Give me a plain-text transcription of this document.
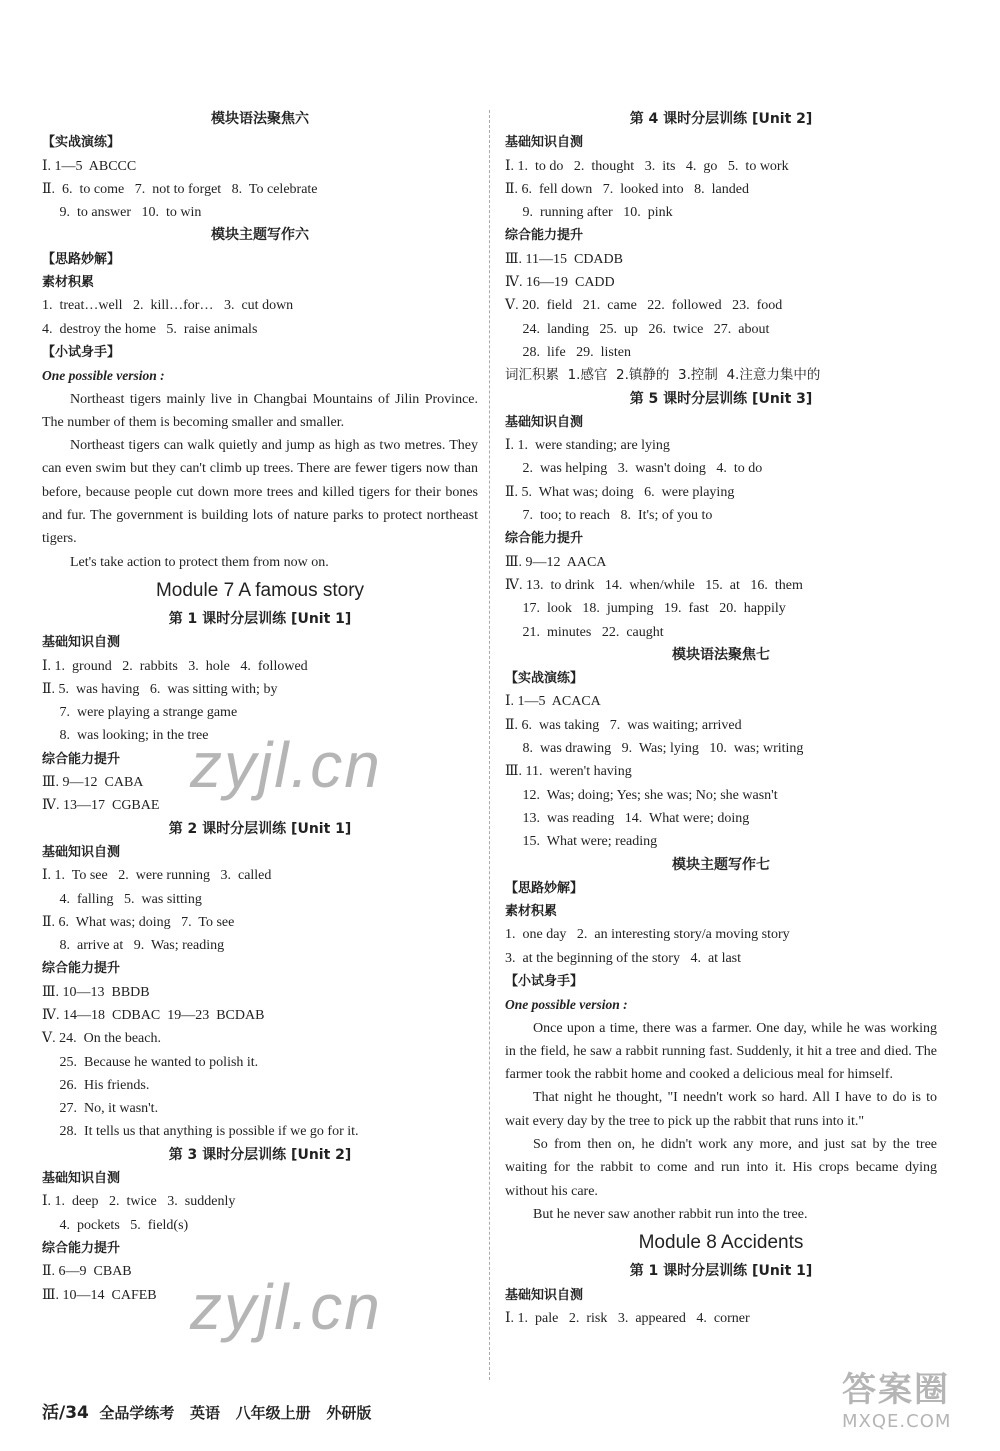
模块语法聚焦六
【实战演练】
Ⅰ. 1—5  ABCCC
Ⅱ.  6.  to come   7.  not to forget   8.  To celebrate
9.  to answer   10.  to win
模块主题写作六
【思路妙解】
素材积累
1.  treat…well   2.  kill…for…   3.  cut down
4.  destroy the home   5.  raise animals
【小试身手】
One possible version :
Northeast tigers mainly live in Changbai Mountains of Jilin Province. The number of them is becoming smaller and smaller.
Northeast tigers can walk quietly and jump as high as two metres. They can even swim but they can't climb up trees. There are fewer tigers now than before, because people cut down more trees and killed tigers for their bones and fur. The government is building lots of nature parks to protect northeast tigers.
Let's take action to protect them from now on.
Module 7 A famous story
第 1 课时分层训练 [Unit 1]
基础知识自测
Ⅰ. 1.  ground   2.  rabbits   3.  hole   4.  followed
Ⅱ. 5.  was having   6.  was sitting with; by
7.  were playing a strange game
8.  was looking; in the tree
综合能力提升
Ⅲ. 9—12  CABA
Ⅳ. 13—17  CGBAE
第 2 课时分层训练 [Unit 1]
基础知识自测
Ⅰ. 1.  To see   2.  were running   3.  called
4.  falling   5.  was sitting
Ⅱ. 6.  What was; doing   7.  To see
8.  arrive at   9.  Was; reading
综合能力提升
Ⅲ. 10—13  BBDB
Ⅳ. 14—18  CDBAC  19—23  BCDAB
Ⅴ. 24.  On the beach.
25.  Because he wanted to polish it.
26.  His friends.
27.  No, it wasn't.
28.  It tells us that anything is possible if we go for it.
第 3 课时分层训练 [Unit 2]
基础知识自测
Ⅰ. 1.  deep   2.  twice   3.  suddenly
4.  pockets   5.  field(s)
综合能力提升
Ⅱ. 6—9  CBAB
Ⅲ. 10—14  CAFEB
第 4 课时分层训练 [Unit 2]
基础知识自测
Ⅰ. 1.  to do   2.  thought   3.  its   4.  go   5.  to work
Ⅱ. 6.  fell down   7.  looked into   8.  landed
9.  running after   10.  pink
综合能力提升
Ⅲ. 11—15  CDADB
Ⅳ. 16—19  CADD
Ⅴ. 20.  field   21.  came   22.  followed   23.  food
24.  landing   25.  up   26.  twice   27.  about
28.  life   29.  listen
词汇积累  1.感官  2.镇静的  3.控制  4.注意力集中的
第 5 课时分层训练 [Unit 3]
基础知识自测
Ⅰ. 1.  were standing; are lying
2.  was helping   3.  wasn't doing   4.  to do
Ⅱ. 5.  What was; doing   6.  were playing
7.  too; to reach   8.  It's; of you to
综合能力提升
Ⅲ. 9—12  AACA
Ⅳ. 13.  to drink   14.  when/while   15.  at   16.  them
17.  look   18.  jumping   19.  fast   20.  happily
21.  minutes   22.  caught
模块语法聚焦七
【实战演练】
Ⅰ. 1—5  ACACA
Ⅱ. 6.  was taking   7.  was waiting; arrived
8.  was drawing   9.  Was; lying   10.  was; writing
Ⅲ. 11.  weren't having
12.  Was; doing; Yes; she was; No; she wasn't
13.  was reading   14.  What were; doing
15.  What were; reading
模块主题写作七
【思路妙解】
素材积累
1.  one day   2.  an interesting story/a moving story
3.  at the beginning of the story   4.  at last
【小试身手】
One possible version :
Once upon a time, there was a farmer. One day, while he was working in the field, he saw a rabbit running fast. Suddenly, it hit a tree and died. The farmer took the rabbit home and cooked a delicious meal for himself.
That night he thought, "I needn't work so hard. All I have to do is to wait every day by the tree to pick up the rabbit that runs into it."
So from then on, he didn't work any more, and just sat by the tree waiting for the rabbit to come and run into it. His crops became dying without his care.
But he never saw another rabbit run into the tree.
Module 8 Accidents
第 1 课时分层训练 [Unit 1]
基础知识自测
Ⅰ. 1.  pale   2.  risk   3.  appeared   4.  corner
活/34 全品学练考   英语   八年级上册   外研版
zyjl.cn
zyjl.cn
答案圈
MXQE.COM
